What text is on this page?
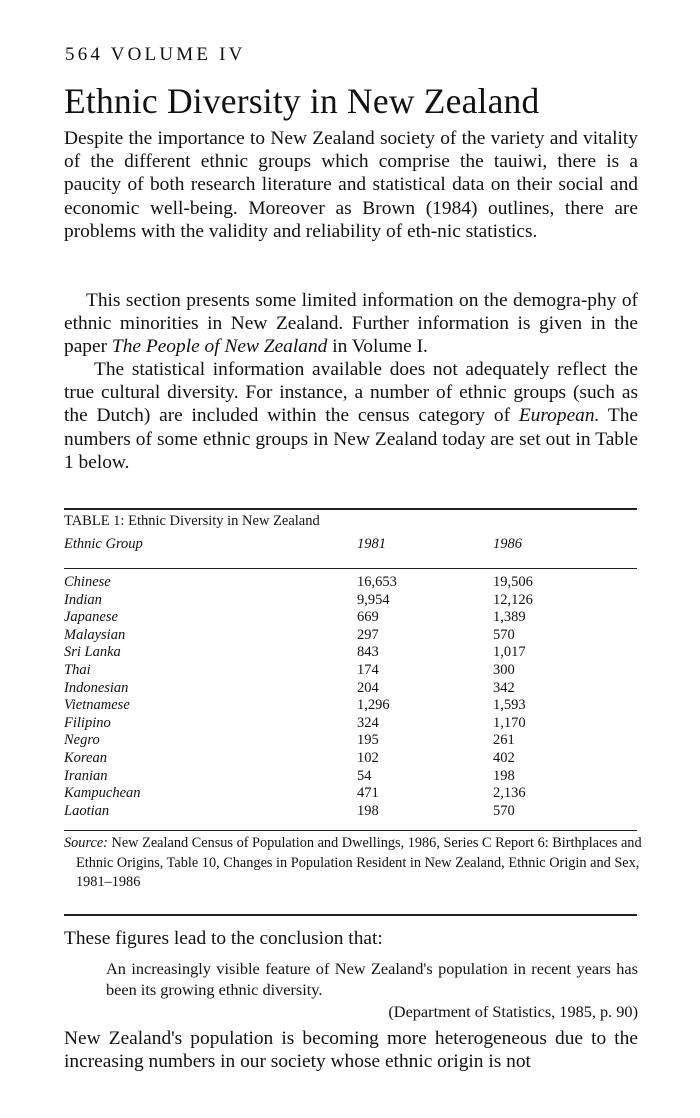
564 VOLUME IV
Ethnic Diversity in New Zealand

Despite the importance to New Zealand society of the variety and vitality of the different ethnic groups which comprise the tauiwi, there is a paucity of both research literature and statistical data on their social and economic well-being. Moreover as Brown (1984) outlines, there are problems with the validity and reliability of eth-nic statistics.

This section presents some limited information on the demogra-phy of ethnic minorities in New Zealand. Further information is given in the paper The People of New Zealand in Volume I.

The statistical information available does not adequately reflect the true cultural diversity. For instance, a number of ethnic groups (such as the Dutch) are included within the census category of European. The numbers of some ethnic groups in New Zealand today are set out in Table 1 below.

TABLE 1: Ethnic Diversity in New Zealand
Ethnic Group	1981	1986
Chinese	16,653	19,506
Indian	9,954	12,126
Japanese	669	1,389
Malaysian	297	570
Sri Lanka	843	1,017
Thai	174	300
Indonesian	204	342
Vietnamese	1,296	1,593
Filipino	324	1,170
Negro	195	261
Korean	102	402
Iranian	54	198
Kampuchean	471	2,136
Laotian	198	570
Source: New Zealand Census of Population and Dwellings, 1986, Series C Report 6: Birthplaces and Ethnic Origins, Table 10, Changes in Population Resident in New Zealand, Ethnic Origin and Sex, 1981–1986

These figures lead to the conclusion that:

An increasingly visible feature of New Zealand's population in recent years has been its growing ethnic diversity.

(Department of Statistics, 1985, p. 90)

New Zealand's population is becoming more heterogeneous due to the increasing numbers in our society whose ethnic origin is not
